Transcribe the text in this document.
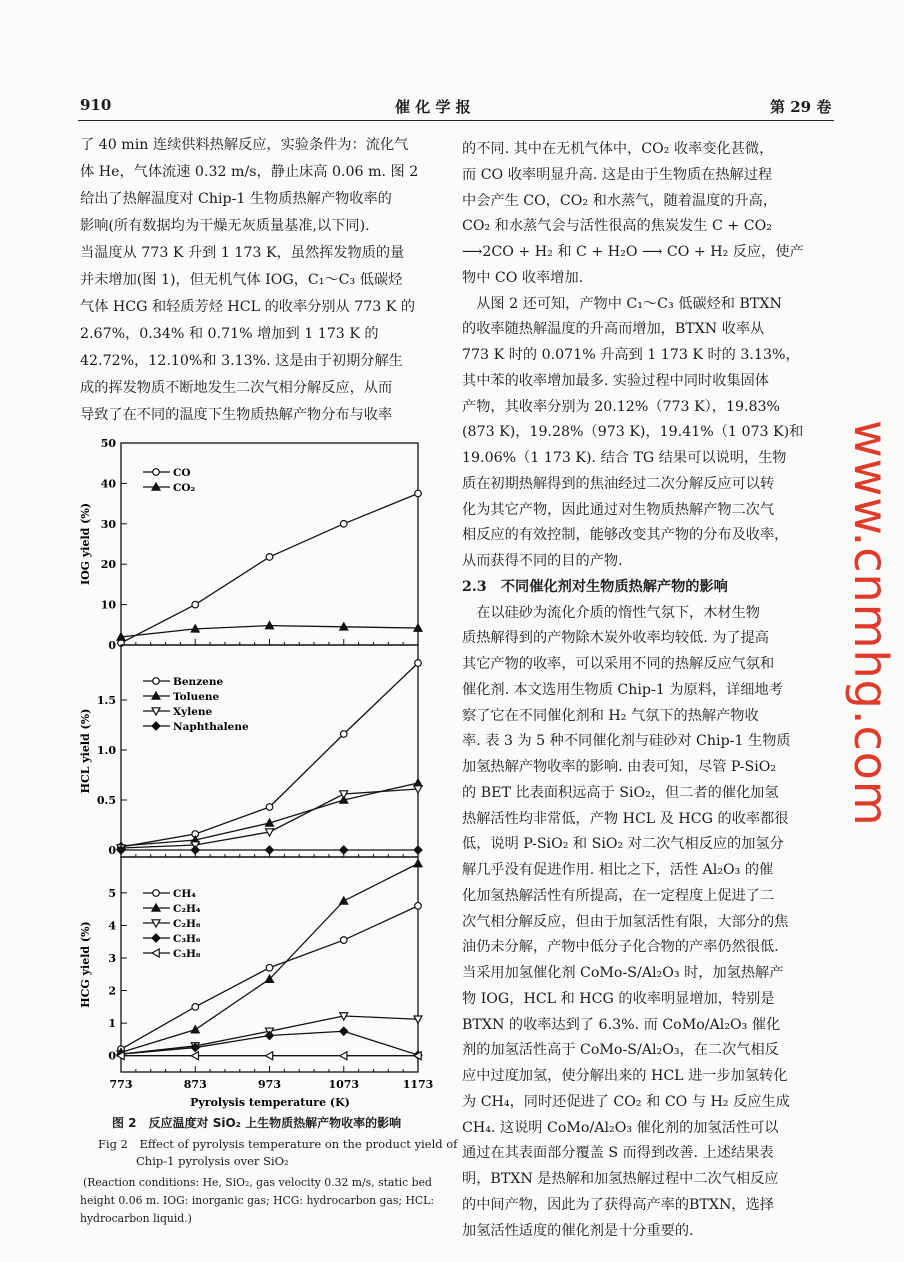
910	催 化 学 报	第 29 卷
了 40 min 连续供料热解反应，实验条件为：流化气
体 He，气体流速 0.32 m/s，静止床高 0.06 m. 图 2
给出了热解温度对 Chip-1 生物质热解产物收率的
影响(所有数据均为干燥无灰质量基准,以下同).
当温度从 773 K 升到 1 173 K，虽然挥发物质的量
并未增加(图 1)，但无机气体 IOG，C₁～C₃ 低碳烃
气体 HCG 和轻质芳烃 HCL 的收率分别从 773 K 的
2.67%，0.34% 和 0.71% 增加到 1 173 K 的
42.72%，12.10%和 3.13%. 这是由于初期分解生
成的挥发物质不断地发生二次气相分解反应，从而
导致了在不同的温度下生物质热解产物分布与收率
的不同. 其中在无机气体中，CO₂ 收率变化甚微，
而 CO 收率明显升高. 这是由于生物质在热解过程
中会产生 CO，CO₂ 和水蒸气，随着温度的升高，
CO₂ 和水蒸气会与活性很高的焦炭发生 C + CO₂
⟶2CO + H₂ 和 C + H₂O ⟶ CO + H₂ 反应，使产
物中 CO 收率增加.
　从图 2 还可知，产物中 C₁～C₃ 低碳烃和 BTXN
的收率随热解温度的升高而增加，BTXN 收率从
773 K 时的 0.071% 升高到 1 173 K 时的 3.13%，
其中苯的收率增加最多. 实验过程中同时收集固体
产物，其收率分别为 20.12%（773 K），19.83%
(873 K)，19.28%（973 K)，19.41%（1 073 K)和
19.06%（1 173 K). 结合 TG 结果可以说明，生物
质在初期热解得到的焦油经过二次分解反应可以转
化为其它产物，因此通过对生物质热解产物二次气
相反应的有效控制，能够改变其产物的分布及收率，
从而获得不同的目的产物.
2.3　不同催化剂对生物质热解产物的影响
　在以硅砂为流化介质的惰性气氛下，木材生物
质热解得到的产物除木炭外收率均较低. 为了提高
其它产物的收率，可以采用不同的热解反应气氛和
催化剂. 本文选用生物质 Chip-1 为原料，详细地考
察了它在不同催化剂和 H₂ 气氛下的热解产物收
率. 表 3 为 5 种不同催化剂与硅砂对 Chip-1 生物质
加氢热解产物收率的影响. 由表可知，尽管 P-SiO₂
的 BET 比表面积远高于 SiO₂，但二者的催化加氢
热解活性均非常低，产物 HCL 及 HCG 的收率都很
低，说明 P-SiO₂ 和 SiO₂ 对二次气相反应的加氢分
解几乎没有促进作用. 相比之下，活性 Al₂O₃ 的催
化加氢热解活性有所提高，在一定程度上促进了二
次气相分解反应，但由于加氢活性有限，大部分的焦
油仍未分解，产物中低分子化合物的产率仍然很低.
当采用加氢催化剂 CoMo-S/Al₂O₃ 时，加氢热解产
物 IOG，HCL 和 HCG 的收率明显增加，特别是
BTXN 的收率达到了 6.3%. 而 CoMo/Al₂O₃ 催化
剂的加氢活性高于 CoMo-S/Al₂O₃，在二次气相反
应中过度加氢，使分解出来的 HCL 进一步加氢转化
为 CH₄，同时还促进了 CO₂ 和 CO 与 H₂ 反应生成
CH₄. 这说明 CoMo/Al₂O₃ 催化剂的加氢活性可以
通过在其表面部分覆盖 S 而得到改善. 上述结果表
明，BTXN 是热解和加氢热解过程中二次气相反应
的中间产物，因此为了获得高产率的BTXN，选择
加氢活性适度的催化剂是十分重要的.
0
10
20
30
40
50
IOG yield (%)
CO
CO₂
0
0.5
1.0
1.5
HCL yield (%)
Benzene
Toluene
Xylene
Naphthalene
0
1
2
3
4
5
HCG yield (%)
CH₄
C₂H₄
C₂H₆
C₃H₆
C₃H₈
773	873	973	1073	1173
Pyrolysis temperature (K)
图 2　反应温度对 SiO₂ 上生物质热解产物收率的影响
Fig 2　Effect of pyrolysis temperature on the product yield of
Chip-1 pyrolysis over SiO₂
(Reaction conditions: He, SiO₂, gas velocity 0.32 m/s, static bed
height 0.06 m. IOG: inorganic gas; HCG: hydrocarbon gas; HCL:
hydrocarbon liquid.)
www.cnmhg.com
